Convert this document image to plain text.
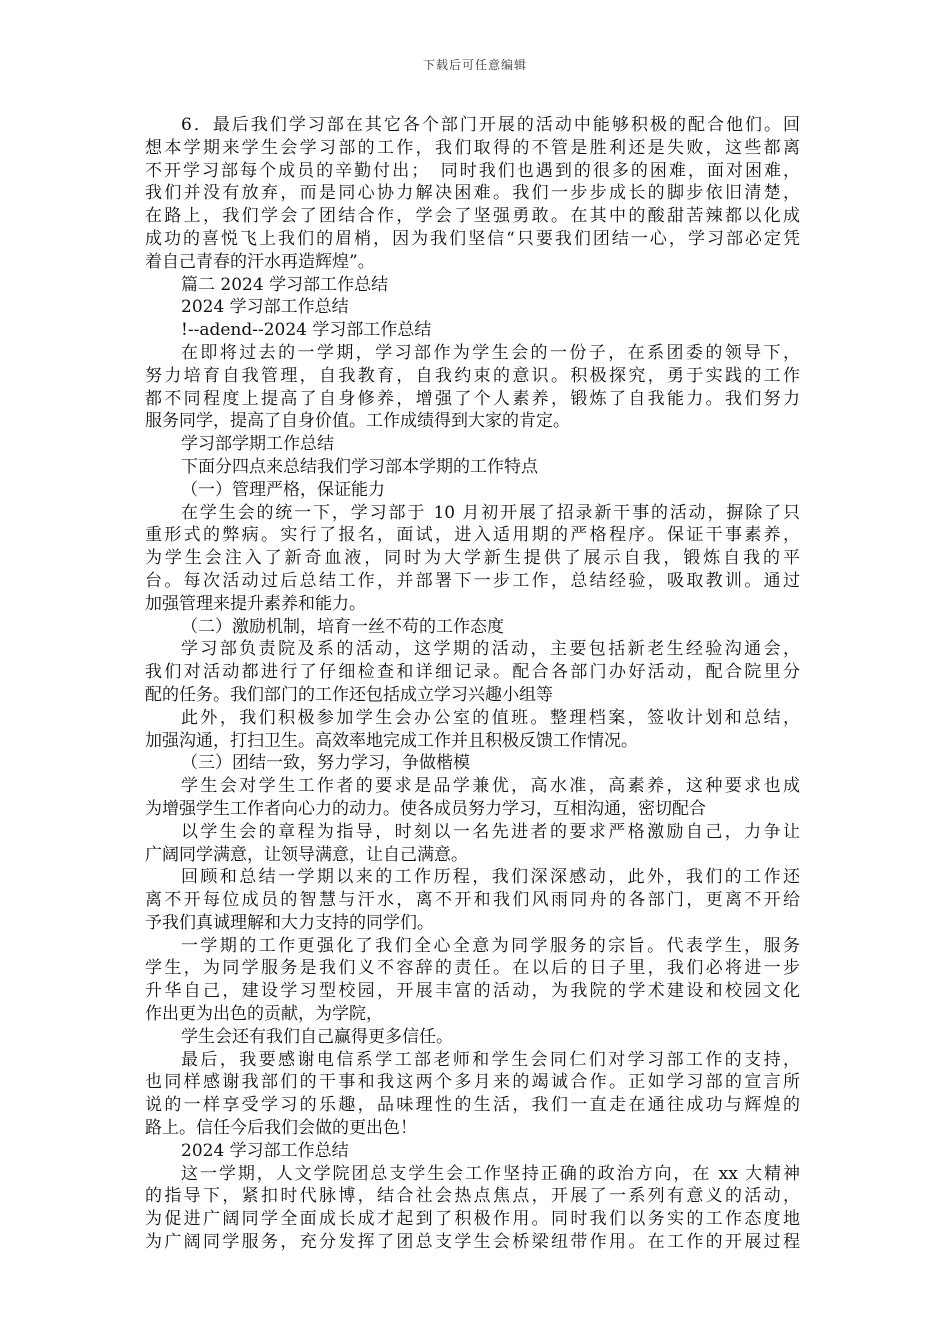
下载后可任意编辑
6．最后我们学习部在其它各个部门开展的活动中能够积极的配合他们。回
想本学期来学生会学习部的工作，我们取得的不管是胜利还是失败，这些都离
不开学习部每个成员的辛勤付出；　同时我们也遇到的很多的困难，面对困难，
我们并没有放弃，而是同心协力解决困难。我们一步步成长的脚步依旧清楚，
在路上，我们学会了团结合作，学会了坚强勇敢。在其中的酸甜苦辣都以化成
成功的喜悦飞上我们的眉梢，因为我们坚信“只要我们团结一心，学习部必定凭
着自己青春的汗水再造辉煌”。
篇二 2024 学习部工作总结
2024 学习部工作总结
!--adend--2024 学习部工作总结
在即将过去的一学期，学习部作为学生会的一份子，在系团委的领导下，
努力培育自我管理，自我教育，自我约束的意识。积极探究，勇于实践的工作
都不同程度上提高了自身修养，增强了个人素养，锻炼了自我能力。我们努力
服务同学，提高了自身价值。工作成绩得到大家的肯定。
学习部学期工作总结
下面分四点来总结我们学习部本学期的工作特点
（一）管理严格，保证能力
在学生会的统一下，学习部于 10 月初开展了招录新干事的活动，摒除了只
重形式的弊病。实行了报名，面试，进入适用期的严格程序。保证干事素养，
为学生会注入了新奇血液，同时为大学新生提供了展示自我，锻炼自我的平
台。每次活动过后总结工作，并部署下一步工作，总结经验，吸取教训。通过
加强管理来提升素养和能力。
（二）激励机制，培育一丝不苟的工作态度
学习部负责院及系的活动，这学期的活动，主要包括新老生经验沟通会，
我们对活动都进行了仔细检查和详细记录。配合各部门办好活动，配合院里分
配的任务。我们部门的工作还包括成立学习兴趣小组等
此外，我们积极参加学生会办公室的值班。整理档案，签收计划和总结，
加强沟通，打扫卫生。高效率地完成工作并且积极反馈工作情况。
（三）团结一致，努力学习，争做楷模
学生会对学生工作者的要求是品学兼优，高水准，高素养，这种要求也成
为增强学生工作者向心力的动力。使各成员努力学习，互相沟通，密切配合
以学生会的章程为指导，时刻以一名先进者的要求严格激励自己，力争让
广阔同学满意，让领导满意，让自己满意。
回顾和总结一学期以来的工作历程，我们深深感动，此外，我们的工作还
离不开每位成员的智慧与汗水，离不开和我们风雨同舟的各部门，更离不开给
予我们真诚理解和大力支持的同学们。
一学期的工作更强化了我们全心全意为同学服务的宗旨。代表学生，服务
学生，为同学服务是我们义不容辞的责任。在以后的日子里，我们必将进一步
升华自己，建设学习型校园，开展丰富的活动，为我院的学术建设和校园文化
作出更为出色的贡献，为学院，
学生会还有我们自己赢得更多信任。
最后，我要感谢电信系学工部老师和学生会同仁们对学习部工作的支持，
也同样感谢我部们的干事和我这两个多月来的竭诚合作。正如学习部的宣言所
说的一样享受学习的乐趣，品味理性的生活，我们一直走在通往成功与辉煌的
路上。信任今后我们会做的更出色！
2024 学习部工作总结
这一学期，人文学院团总支学生会工作坚持正确的政治方向，在 xx 大精神
的指导下，紧扣时代脉博，结合社会热点焦点，开展了一系列有意义的活动，
为促进广阔同学全面成长成才起到了积极作用。同时我们以务实的工作态度地
为广阔同学服务，充分发挥了团总支学生会桥梁纽带作用。在工作的开展过程
